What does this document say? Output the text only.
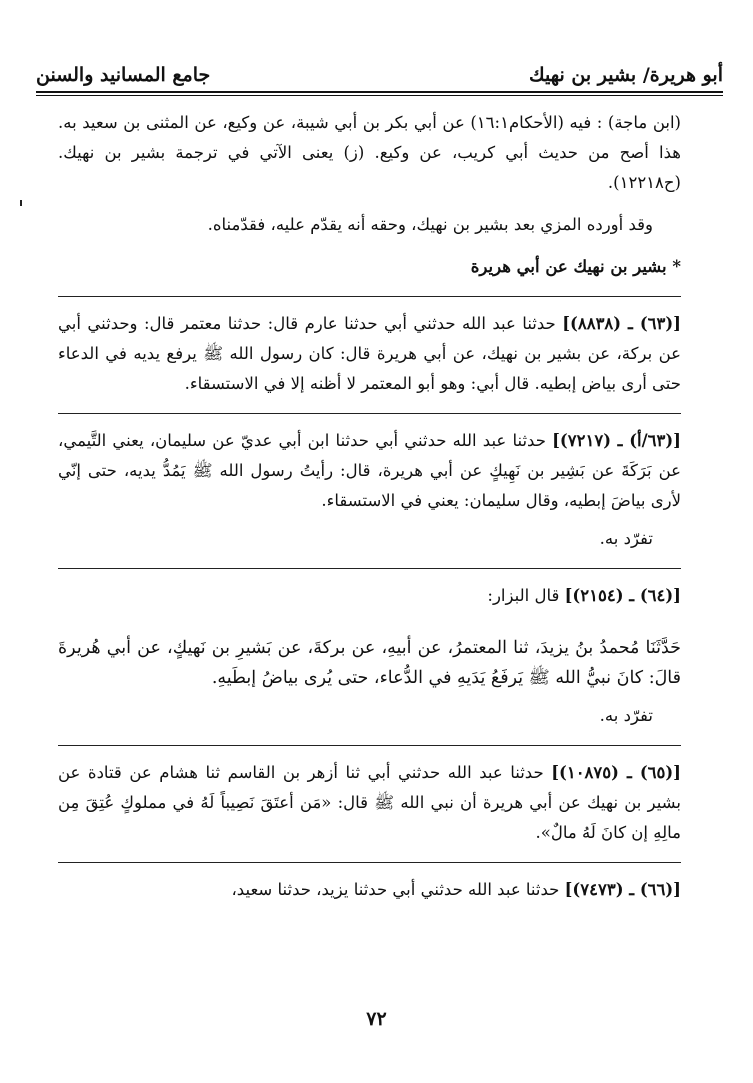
أبو هريرة/ بشير بن نهيك
جامع المسانيد والسنن

(ابن ماجة) : فيه (الأحكام١٦:١) عن أبي بكر بن أبي شيبة، عن وكيع، عن المثنى بن سعيد به. هذا أصح من حديث أبي كريب، عن وكيع. (ز) يعنى الآتي في ترجمة بشير بن نهيك. (ح١٢٢١٨).

وقد أورده المزي بعد بشير بن نهيك، وحقه أنه يقدّم عليه، فقدّمناه.

* بشير بن نهيك عن أبي هريرة

[(٦٣) ـ (٨٨٣٨)] حدثنا عبد الله حدثني أبي حدثنا عارم قال: حدثنا معتمر قال: وحدثني أبي عن بركة، عن بشير بن نهيك، عن أبي هريرة قال: كان رسول الله ﷺ يرفع يديه في الدعاء حتى أرى بياض إبطيه. قال أبي: وهو أبو المعتمر لا أظنه إلا في الاستسقاء.

[(٦٣/أ) ـ (٧٢١٧)] حدثنا عبد الله حدثني أبي حدثنا ابن أبي عديّ عن سليمان، يعني التَّيمي، عن بَرَكَةَ عن بَشِير بن نَهِيكٍ عن أبي هريرة، قال: رأيتُ رسول الله ﷺ يَمُدُّ يديه، حتى إنّي لأرى بياضَ إبطيه، وقال سليمان: يعني في الاستسقاء.

تفرّد به.

[(٦٤) ـ (٢١٥٤)] قال البزار:

حَدَّثَنَا مُحمدُ بنُ يزيدَ، ثنا المعتمرُ، عن أبيهِ، عن بركةَ، عن بَشيرِ بن نَهيكٍ، عن أبي هُريرةَ قالَ: كانَ نبيُّ الله ﷺ يَرفَعُ يَدَيهِ في الدُّعاء، حتى يُرى بياضُ إبطَيهِ.

تفرّد به.

[(٦٥) ـ (١٠٨٧٥)] حدثنا عبد الله حدثني أبي ثنا أزهر بن القاسم ثنا هشام عن قتادة عن بشير بن نهيك عن أبي هريرة أن نبي الله ﷺ قال: «مَن أعتَقَ نَصِيباً لَهُ في مملوكٍ عُتِقَ مِن مالِهِ إن كانَ لَهُ مالٌ».

[(٦٦) ـ (٧٤٧٣)] حدثنا عبد الله حدثني أبي حدثنا يزيد، حدثنا سعيد،

٧٢
